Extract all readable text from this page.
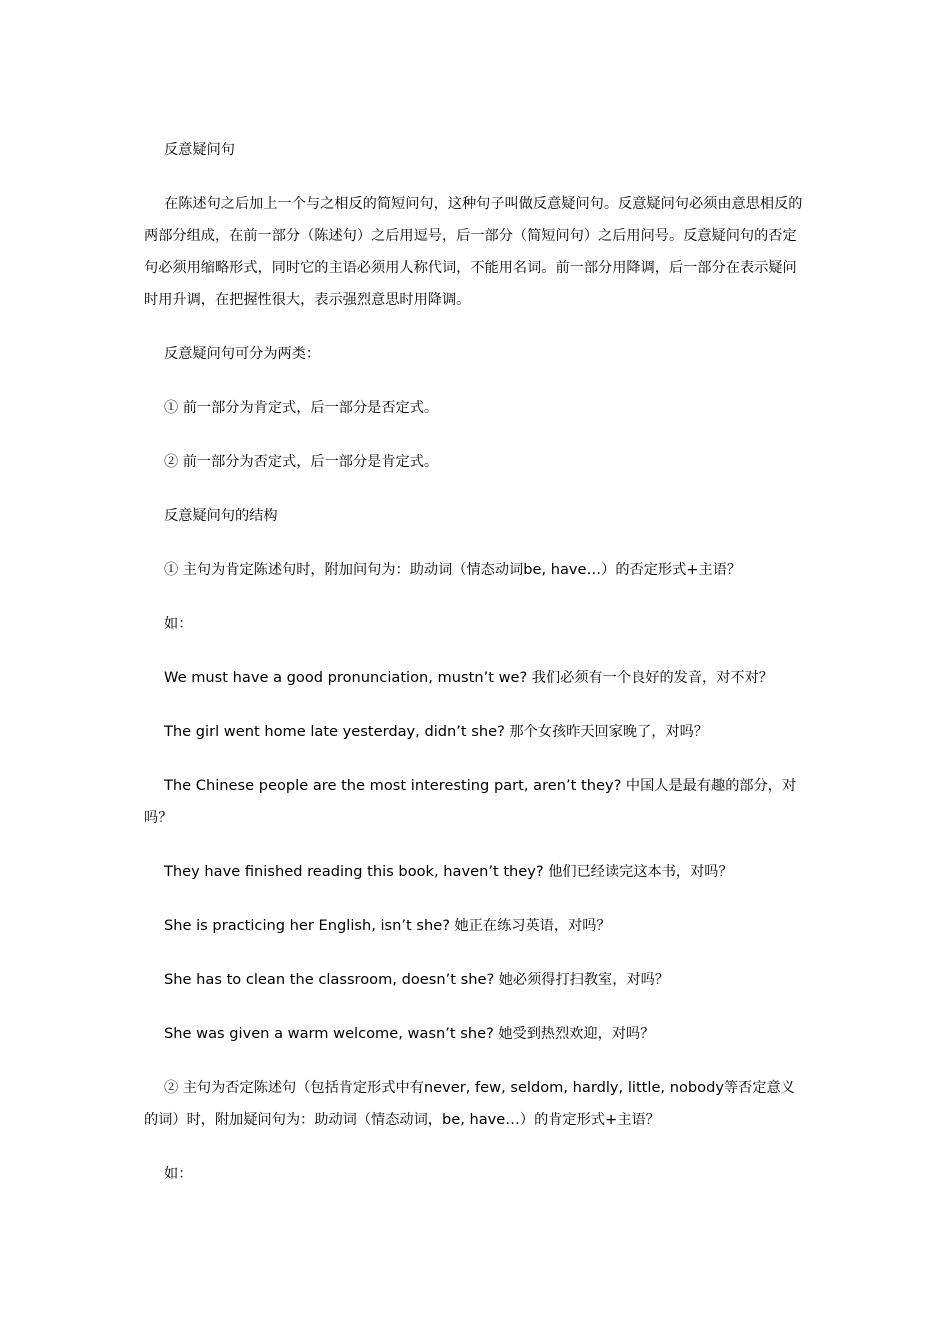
反意疑问句

在陈述句之后加上一个与之相反的简短问句，这种句子叫做反意疑问句。反意疑问句必须由意思相反的两部分组成，在前一部分（陈述句）之后用逗号，后一部分（简短问句）之后用问号。反意疑问句的否定句必须用缩略形式，同时它的主语必须用人称代词，不能用名词。前一部分用降调，后一部分在表示疑问时用升调，在把握性很大，表示强烈意思时用降调。

反意疑问句可分为两类：

① 前一部分为肯定式，后一部分是否定式。

② 前一部分为否定式，后一部分是肯定式。

反意疑问句的结构

① 主句为肯定陈述句时，附加问句为：助动词（情态动词be, have…）的否定形式+主语？

如：

We must have a good pronunciation, mustn’t we? 我们必须有一个良好的发音，对不对？

The girl went home late yesterday, didn’t she? 那个女孩昨天回家晚了，对吗？

The Chinese people are the most interesting part, aren’t they? 中国人是最有趣的部分，对吗？

They have finished reading this book, haven’t they? 他们已经读完这本书，对吗？

She is practicing her English, isn’t she? 她正在练习英语，对吗？

She has to clean the classroom, doesn’t she? 她必须得打扫教室，对吗？

She was given a warm welcome, wasn’t she? 她受到热烈欢迎，对吗？

② 主句为否定陈述句（包括肯定形式中有never, few, seldom, hardly, little, nobody等否定意义的词）时，附加疑问句为：助动词（情态动词，be, have…）的肯定形式+主语？

如：
